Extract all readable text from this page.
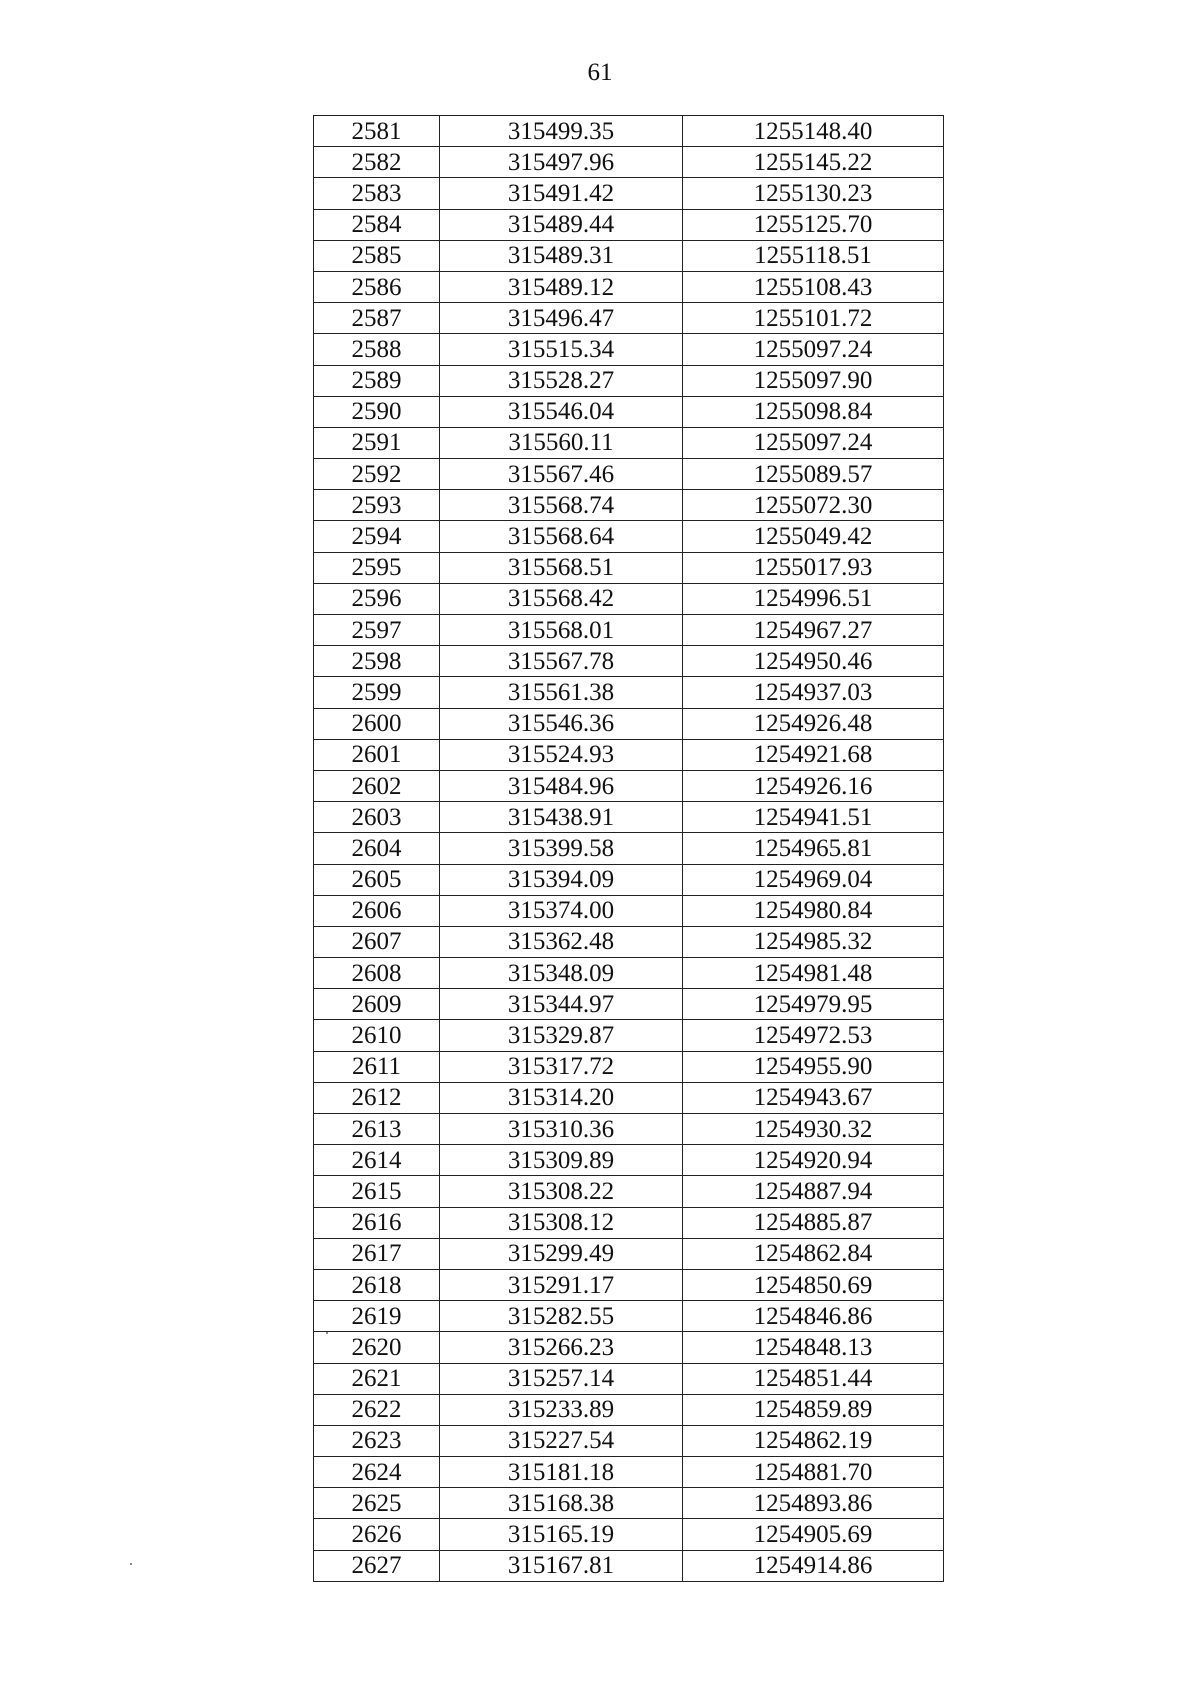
61
2581	315499.35	1255148.40
2582	315497.96	1255145.22
2583	315491.42	1255130.23
2584	315489.44	1255125.70
2585	315489.31	1255118.51
2586	315489.12	1255108.43
2587	315496.47	1255101.72
2588	315515.34	1255097.24
2589	315528.27	1255097.90
2590	315546.04	1255098.84
2591	315560.11	1255097.24
2592	315567.46	1255089.57
2593	315568.74	1255072.30
2594	315568.64	1255049.42
2595	315568.51	1255017.93
2596	315568.42	1254996.51
2597	315568.01	1254967.27
2598	315567.78	1254950.46
2599	315561.38	1254937.03
2600	315546.36	1254926.48
2601	315524.93	1254921.68
2602	315484.96	1254926.16
2603	315438.91	1254941.51
2604	315399.58	1254965.81
2605	315394.09	1254969.04
2606	315374.00	1254980.84
2607	315362.48	1254985.32
2608	315348.09	1254981.48
2609	315344.97	1254979.95
2610	315329.87	1254972.53
2611	315317.72	1254955.90
2612	315314.20	1254943.67
2613	315310.36	1254930.32
2614	315309.89	1254920.94
2615	315308.22	1254887.94
2616	315308.12	1254885.87
2617	315299.49	1254862.84
2618	315291.17	1254850.69
2619	315282.55	1254846.86
2620	315266.23	1254848.13
2621	315257.14	1254851.44
2622	315233.89	1254859.89
2623	315227.54	1254862.19
2624	315181.18	1254881.70
2625	315168.38	1254893.86
2626	315165.19	1254905.69
2627	315167.81	1254914.86
